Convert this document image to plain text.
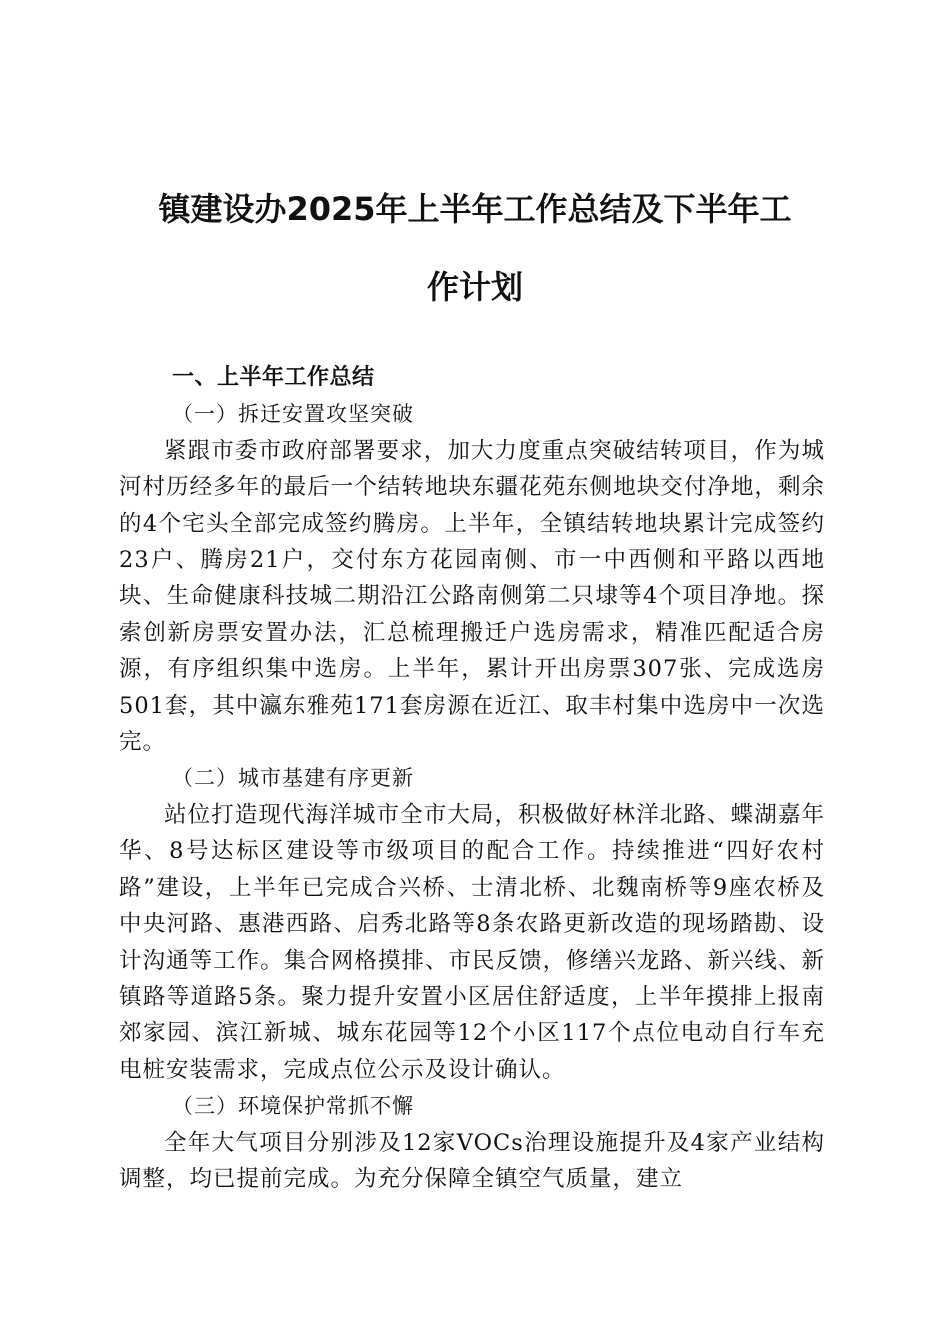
镇建设办2025年上半年工作总结及下半年工
作计划

一、上半年工作总结

（一）拆迁安置攻坚突破

紧跟市委市政府部署要求，加大力度重点突破结转项目，作为城河村历经多年的最后一个结转地块东疆花苑东侧地块交付净地，剩余的4个宅头全部完成签约腾房。上半年，全镇结转地块累计完成签约23户、腾房21户，交付东方花园南侧、市一中西侧和平路以西地块、生命健康科技城二期沿江公路南侧第二只埭等4个项目净地。探索创新房票安置办法，汇总梳理搬迁户选房需求，精准匹配适合房源，有序组织集中选房。上半年，累计开出房票307张、完成选房501套，其中瀛东雅苑171套房源在近江、取丰村集中选房中一次选完。

（二）城市基建有序更新

站位打造现代海洋城市全市大局，积极做好林洋北路、蝶湖嘉年华、8号达标区建设等市级项目的配合工作。持续推进“四好农村路”建设，上半年已完成合兴桥、士清北桥、北魏南桥等9座农桥及中央河路、惠港西路、启秀北路等8条农路更新改造的现场踏勘、设计沟通等工作。集合网格摸排、市民反馈，修缮兴龙路、新兴线、新镇路等道路5条。聚力提升安置小区居住舒适度，上半年摸排上报南郊家园、滨江新城、城东花园等12个小区117个点位电动自行车充电桩安装需求，完成点位公示及设计确认。

（三）环境保护常抓不懈

全年大气项目分别涉及12家VOCs治理设施提升及4家产业结构调整，均已提前完成。为充分保障全镇空气质量，建立
